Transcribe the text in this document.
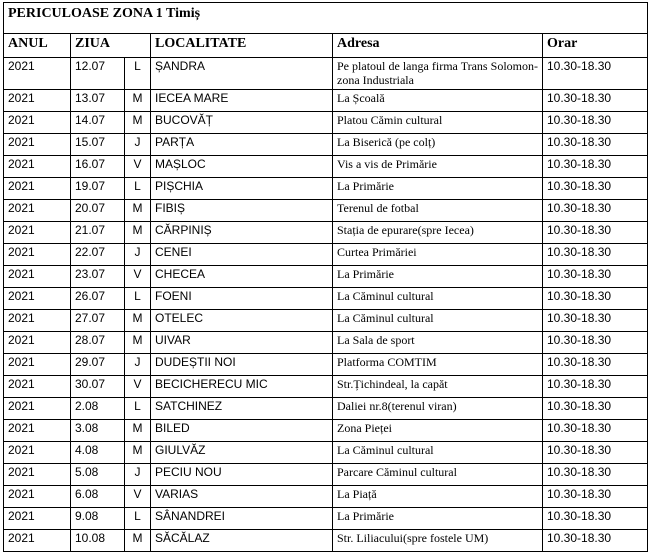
PERICULOASE ZONA 1 Timiș					
ANUL	ZIUA		LOCALITATE	Adresa	Orar
2021	12.07	L	ȘANDRA	Pe platoul de langa firma Trans Solomon-zona Industriala	10.30-18.30
2021	13.07	M	IECEA MARE	La Școală	10.30-18.30
2021	14.07	M	BUCOVĂȚ	Platou Cămin cultural	10.30-18.30
2021	15.07	J	PARȚA	La Biserică (pe colț)	10.30-18.30
2021	16.07	V	MAȘLOC	Vis a vis de Primărie	10.30-18.30
2021	19.07	L	PIȘCHIA	La Primărie	10.30-18.30
2021	20.07	M	FIBIȘ	Terenul de fotbal	10.30-18.30
2021	21.07	M	CĂRPINIȘ	Stația de epurare(spre Iecea)	10.30-18.30
2021	22.07	J	CENEI	Curtea Primăriei	10.30-18.30
2021	23.07	V	CHECEA	La Primărie	10.30-18.30
2021	26.07	L	FOENI	La Căminul cultural	10.30-18.30
2021	27.07	M	OTELEC	La Căminul cultural	10.30-18.30
2021	28.07	M	UIVAR	La Sala de sport	10.30-18.30
2021	29.07	J	DUDEȘTII NOI	Platforma COMTIM	10.30-18.30
2021	30.07	V	BECICHERECU MIC	Str.Țichindeal, la capăt	10.30-18.30
2021	2.08	L	SATCHINEZ	Daliei nr.8(terenul viran)	10.30-18.30
2021	3.08	M	BILED	Zona Pieței	10.30-18.30
2021	4.08	M	GIULVĂZ	La Căminul cultural	10.30-18.30
2021	5.08	J	PECIU NOU	Parcare Căminul cultural	10.30-18.30
2021	6.08	V	VARIAS	La Piață	10.30-18.30
2021	9.08	L	SÂNANDREI	La Primărie	10.30-18.30
2021	10.08	M	SĂCĂLAZ	Str. Liliacului(spre fostele UM)	10.30-18.30
